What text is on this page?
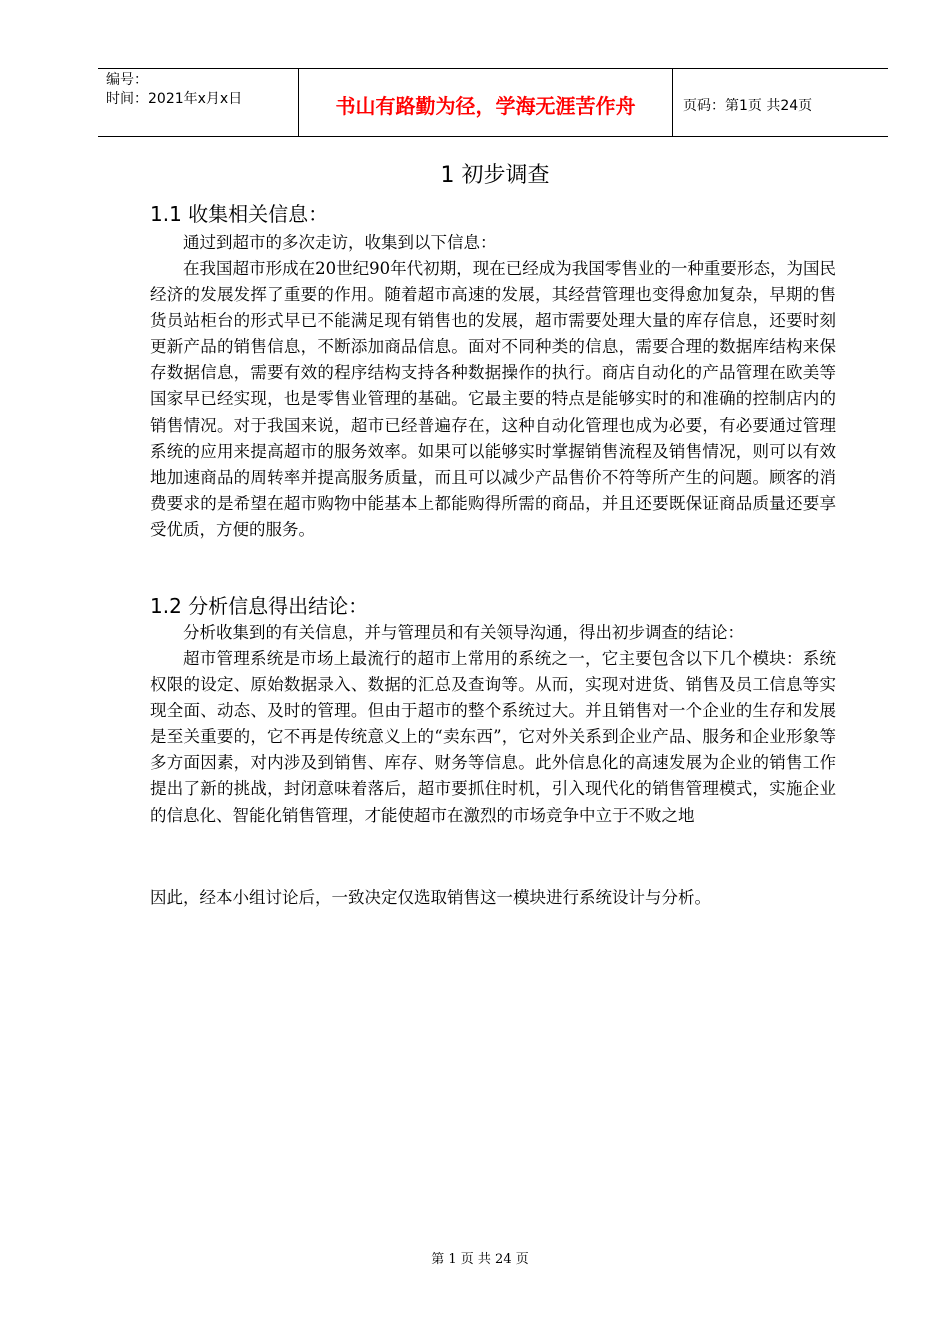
编号：
时间：2021年x月x日	书山有路勤为径，学海无涯苦作舟	页码：第1页 共24页
1 初步调查
1.1 收集相关信息：
通过到超市的多次走访，收集到以下信息：
在我国超市形成在20世纪90年代初期，现在已经成为我国零售业的一种重要形态，为国民经济的发展发挥了重要的作用。随着超市高速的发展，其经营管理也变得愈加复杂，早期的售货员站柜台的形式早已不能满足现有销售也的发展，超市需要处理大量的库存信息，还要时刻更新产品的销售信息，不断添加商品信息。面对不同种类的信息，需要合理的数据库结构来保存数据信息，需要有效的程序结构支持各种数据操作的执行。商店自动化的产品管理在欧美等国家早已经实现，也是零售业管理的基础。它最主要的特点是能够实时的和准确的控制店内的销售情况。对于我国来说，超市已经普遍存在，这种自动化管理也成为必要，有必要通过管理系统的应用来提高超市的服务效率。如果可以能够实时掌握销售流程及销售情况，则可以有效地加速商品的周转率并提高服务质量，而且可以减少产品售价不符等所产生的问题。顾客的消费要求的是希望在超市购物中能基本上都能购得所需的商品，并且还要既保证商品质量还要享受优质，方便的服务。
1.2 分析信息得出结论：
分析收集到的有关信息，并与管理员和有关领导沟通，得出初步调查的结论：
超市管理系统是市场上最流行的超市上常用的系统之一，它主要包含以下几个模块：系统权限的设定、原始数据录入、数据的汇总及查询等。从而，实现对进货、销售及员工信息等实现全面、动态、及时的管理。但由于超市的整个系统过大。并且销售对一个企业的生存和发展是至关重要的，它不再是传统意义上的“卖东西”，它对外关系到企业产品、服务和企业形象等多方面因素，对内涉及到销售、库存、财务等信息。此外信息化的高速发展为企业的销售工作提出了新的挑战，封闭意味着落后，超市要抓住时机，引入现代化的销售管理模式，实施企业的信息化、智能化销售管理，才能使超市在激烈的市场竞争中立于不败之地
因此，经本小组讨论后，一致决定仅选取销售这一模块进行系统设计与分析。
第 1 页 共 24 页
